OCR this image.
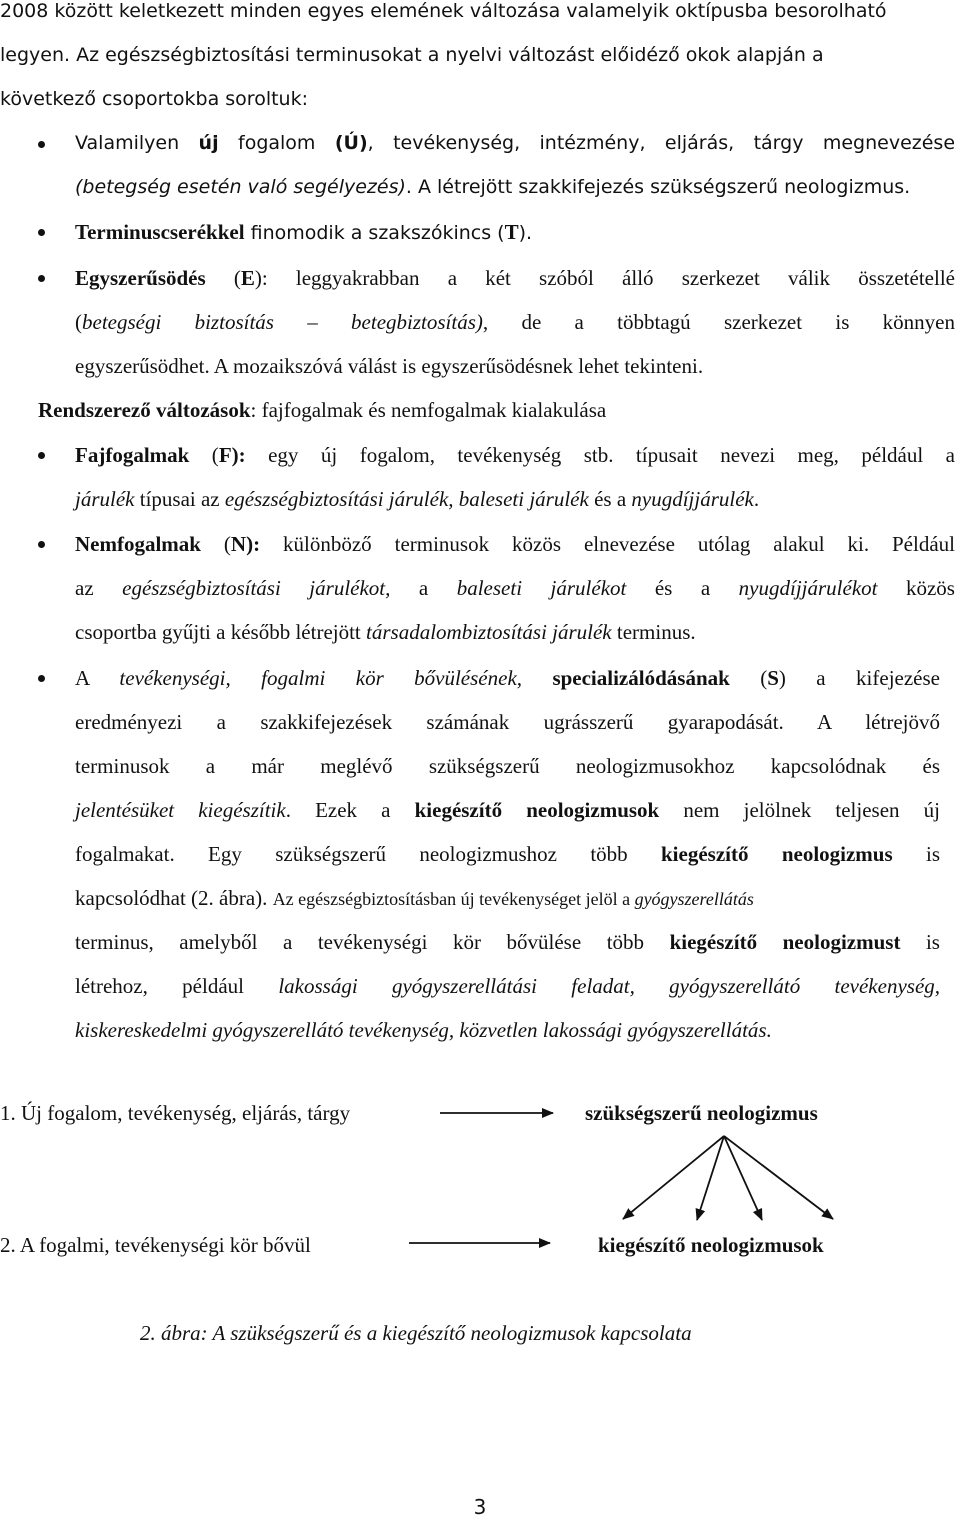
2008 között keletkezett minden egyes elemének változása valamelyik oktípusba besorolható
legyen. Az egészségbiztosítási terminusokat a nyelvi változást előidéző okok alapján a
következő csoportokba soroltuk:
Valamilyen új fogalom (Ú), tevékenység, intézmény, eljárás, tárgy megnevezése
(betegség esetén való segélyezés). A létrejött szakkifejezés szükségszerű neologizmus.
Terminuscserékkel finomodik a szakszókincs (T).
Egyszerűsödés (E): leggyakrabban a két szóból álló szerkezet válik összetétellé
(betegségi biztosítás – betegbiztosítás), de a többtagú szerkezet is könnyen
egyszerűsödhet. A mozaikszóvá válást is egyszerűsödésnek lehet tekinteni.
Rendszerező változások: fajfogalmak és nemfogalmak kialakulása
Fajfogalmak (F): egy új fogalom, tevékenység stb. típusait nevezi meg, például a
járulék típusai az egészségbiztosítási járulék, baleseti járulék és a nyugdíjjárulék.
Nemfogalmak (N): különböző terminusok közös elnevezése utólag alakul ki. Például
az egészségbiztosítási járulékot, a baleseti járulékot és a nyugdíjjárulékot közös
csoportba gyűjti a később létrejött társadalombiztosítási járulék terminus.
A tevékenységi, fogalmi kör bővülésének, specializálódásának (S) a kifejezése
eredményezi a szakkifejezések számának ugrásszerű gyarapodását. A létrejövő
terminusok a már meglévő szükségszerű neologizmusokhoz kapcsolódnak és
jelentésüket kiegészítik. Ezek a kiegészítő neologizmusok nem jelölnek teljesen új
fogalmakat. Egy szükségszerű neologizmushoz több kiegészítő neologizmus is
kapcsolódhat (2. ábra). Az egészségbiztosításban új tevékenységet jelöl a gyógyszerellátás
terminus, amelyből a tevékenységi kör bővülése több kiegészítő neologizmust is
létrehoz, például lakossági gyógyszerellátási feladat, gyógyszerellátó tevékenység,
kiskereskedelmi gyógyszerellátó tevékenység, közvetlen lakossági gyógyszerellátás.
1. Új fogalom, tevékenység, eljárás, tárgy	szükségszerű neologizmus
2. A fogalmi, tevékenységi kör bővül	kiegészítő neologizmusok
2. ábra: A szükségszerű és a kiegészítő neologizmusok kapcsolata
3
